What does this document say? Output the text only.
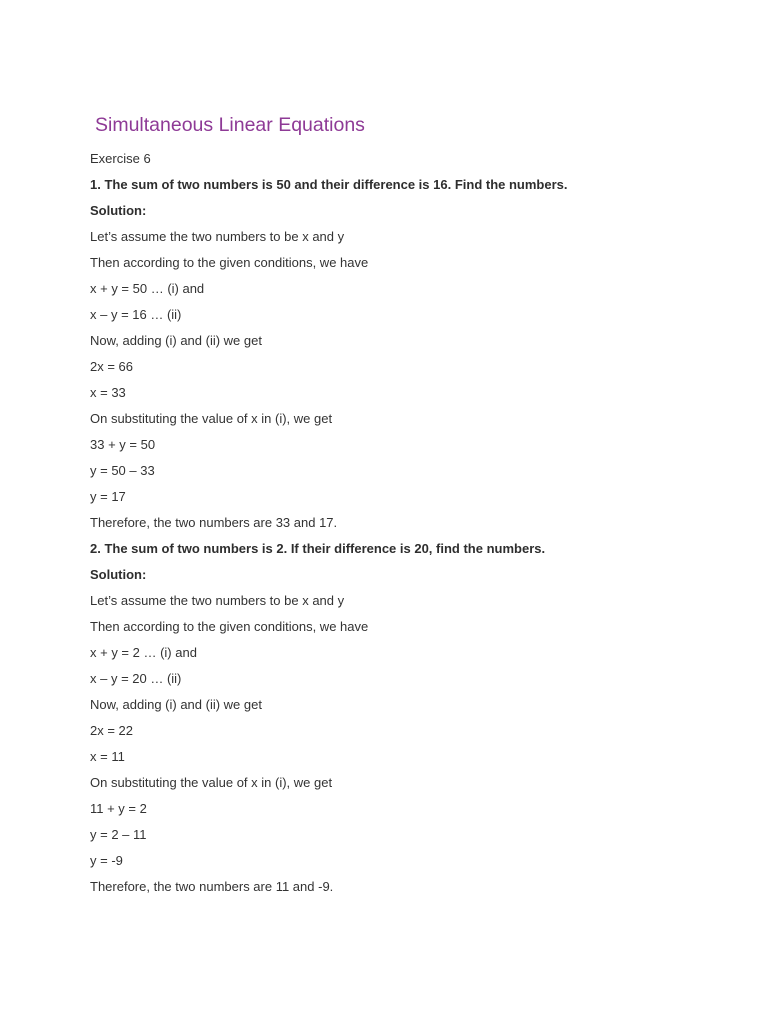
Simultaneous Linear Equations

Exercise 6

1. The sum of two numbers is 50 and their difference is 16. Find the numbers.

Solution:

Let’s assume the two numbers to be x and y

Then according to the given conditions, we have

x + y = 50 … (i) and

x – y = 16 … (ii)

Now, adding (i) and (ii) we get

2x = 66

x = 33

On substituting the value of x in (i), we get

33 + y = 50

y = 50 – 33

y = 17

Therefore, the two numbers are 33 and 17.

2. The sum of two numbers is 2. If their difference is 20, find the numbers.

Solution:

Let’s assume the two numbers to be x and y

Then according to the given conditions, we have

x + y = 2 … (i) and

x – y = 20 … (ii)

Now, adding (i) and (ii) we get

2x = 22

x = 11

On substituting the value of x in (i), we get

11 + y = 2

y = 2 – 11

y = -9

Therefore, the two numbers are 11 and -9.
